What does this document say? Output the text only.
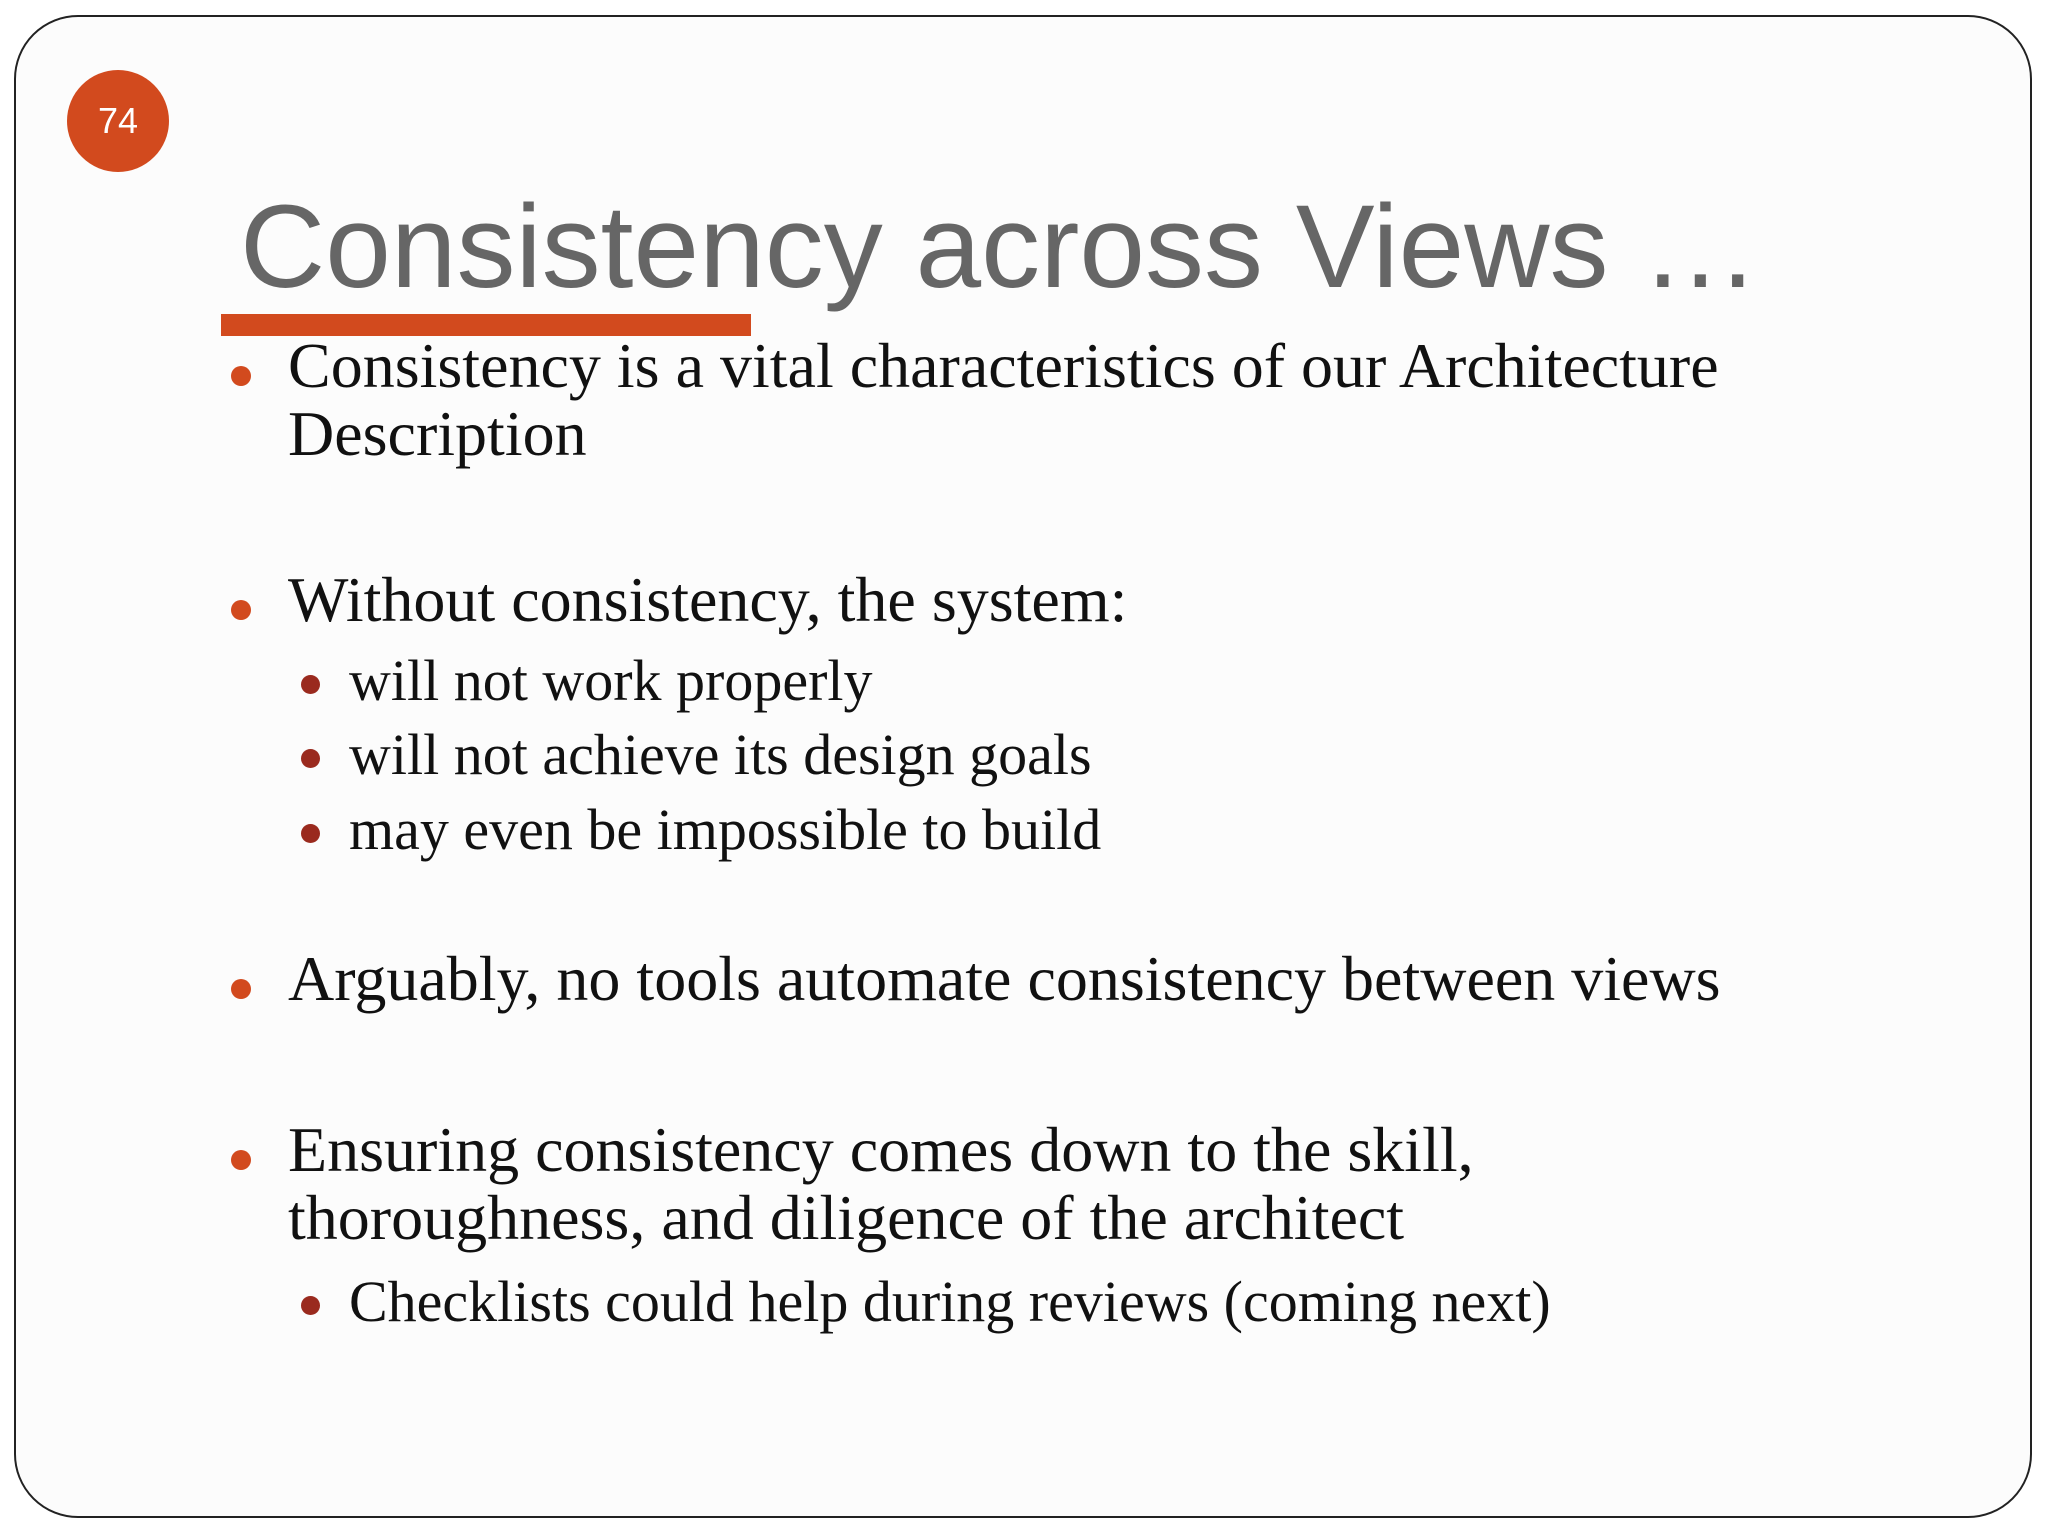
74
Consistency across Views …
Consistency is a vital characteristics of our Architecture
Description
Without consistency, the system:
will not work properly
will not achieve its design goals
may even be impossible to build
Arguably, no tools automate consistency between views
Ensuring consistency comes down to the skill,
thoroughness, and diligence of the architect
Checklists could help during reviews (coming next)
